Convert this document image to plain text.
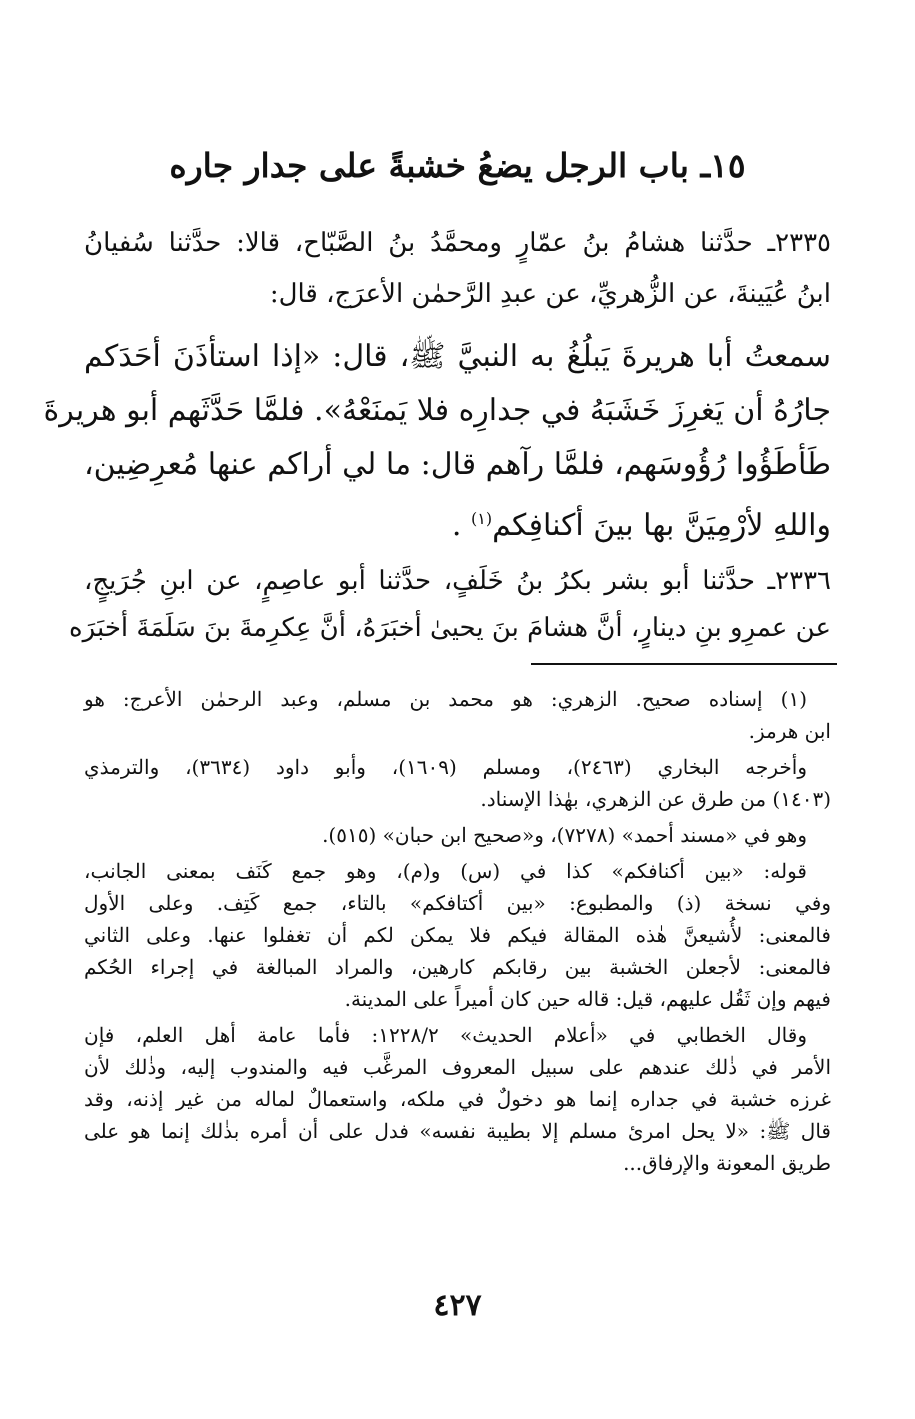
١٥ـ باب الرجل يضعُ خشبةً على جدار جاره

٢٣٣٥ـ حدَّثنا هشامُ بنُ عمّارٍ ومحمَّدُ بنُ الصَّبّاح، قالا: حدَّثنا سُفيانُ
ابنُ عُيَينةَ، عن الزُّهريِّ، عن عبدِ الرَّحمٰن الأعرَج، قال:

سمعتُ أبا هريرةَ يَبلُغُ به النبيَّ ﷺ، قال: «إذا استأذَنَ أحَدَكم
جارُهُ أن يَغرِزَ خَشَبَهُ في جدارِه فلا يَمنَعْهُ». فلمَّا حَدَّثَهم أبو هريرةَ
طَأطَؤُوا رُؤُوسَهم، فلمَّا رآهم قال: ما لي أراكم عنها مُعرِضِين،
واللهِ لأرْمِيَنَّ بها بينَ أكنافِكم$^{(١)}$ .

٢٣٣٦ـ حدَّثنا أبو بشر بكرُ بنُ خَلَفٍ، حدَّثنا أبو عاصِمٍ، عن ابنِ جُرَيجٍ،
عن عمرِو بنِ دينارٍ، أنَّ هشامَ بنَ يحيىٰ أخبَرَهُ، أنَّ عِكرِمةَ بنَ سَلَمَةَ أخبَرَه

(١) إسناده صحيح. الزهري: هو محمد بن مسلم، وعبد الرحمٰن الأعرج: هو
ابن هرمز.

وأخرجه البخاري (٢٤٦٣)، ومسلم (١٦٠٩)، وأبو داود (٣٦٣٤)، والترمذي
(١٤٠٣) من طرق عن الزهري، بهٰذا الإسناد.

وهو في «مسند أحمد» (٧٢٧٨)، و«صحيح ابن حبان» (٥١٥).

قوله: «بين أكنافكم» كذا في (س) و(م)، وهو جمع كَنَف بمعنى الجانب،
وفي نسخة (ذ) والمطبوع: «بين أكتافكم» بالتاء، جمع كَتِف. وعلى الأول
فالمعنى: لأُشيعنَّ هٰذه المقالة فيكم فلا يمكن لكم أن تغفلوا عنها. وعلى الثاني
فالمعنى: لأجعلن الخشبة بين رقابكم كارهين، والمراد المبالغة في إجراء الحُكم
فيهم وإن ثَقُل عليهم، قيل: قاله حين كان أميراً على المدينة.

وقال الخطابي في «أعلام الحديث» ١٢٢٨/٢: فأما عامة أهل العلم، فإن
الأمر في ذٰلك عندهم على سبيل المعروف المرغَّب فيه والمندوب إليه، وذٰلك لأن
غرزه خشبة في جداره إنما هو دخولٌ في ملكه، واستعمالٌ لماله من غير إذنه، وقد
قال ﷺ: «لا يحل امرئ مسلم إلا بطيبة نفسه» فدل على أن أمره بذٰلك إنما هو على
طريق المعونة والإرفاق...

٤٢٧
